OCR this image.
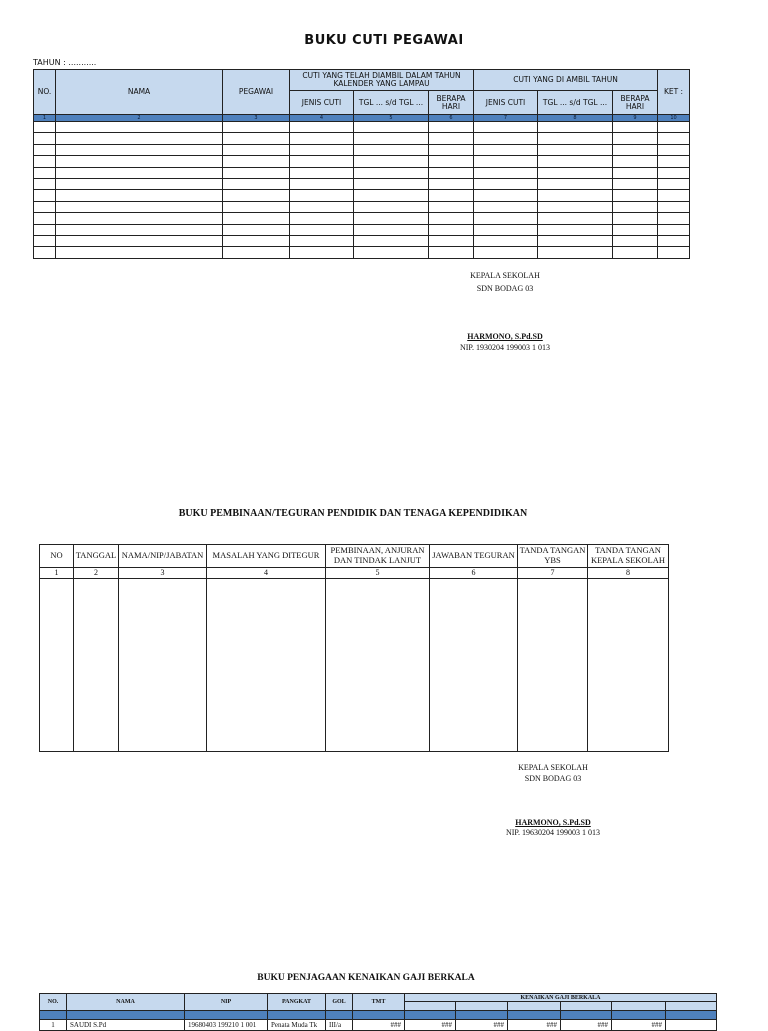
BUKU CUTI PEGAWAI
TAHUN : ...........
NO.	NAMA	PEGAWAI	CUTI YANG TELAH DIAMBIL DALAM TAHUN KALENDER YANG LAMPAU			CUTI YANG DI AMBIL TAHUN			KET :
			JENIS CUTI	TGL ... s/d TGL ...	BERAPA HARI	JENIS CUTI	TGL ... s/d TGL ...	BERAPA HARI	
1	2	3	4	5	6	7	8	9	10

KEPALA SEKOLAH
SDN BODAG 03
HARMONO, S.Pd.SD
NIP. 1930204 199003 1 013
BUKU PEMBINAAN/TEGURAN PENDIDIK DAN TENAGA KEPENDIDIKAN
NO	TANGGAL	NAMA/NIP/JABATAN	MASALAH YANG DITEGUR	PEMBINAAN, ANJURAN DAN TINDAK LANJUT	JAWABAN TEGURAN	TANDA TANGAN YBS	TANDA TANGAN KEPALA SEKOLAH
1	2	3	4	5	6	7	8

KEPALA SEKOLAH
SDN BODAG 03
HARMONO, S.Pd.SD
NIP. 19630204 199003 1 013
BUKU PENJAGAAN KENAIKAN GAJI BERKALA
NO.	NAMA	NIP	PANGKAT	GOL	TMT	KENAIKAN GAJI BERKALA					

1	SAUDI S.Pd	19680403 199210 1 001	Penata Muda Tk	III/a	###	###	###	###	###	###	
